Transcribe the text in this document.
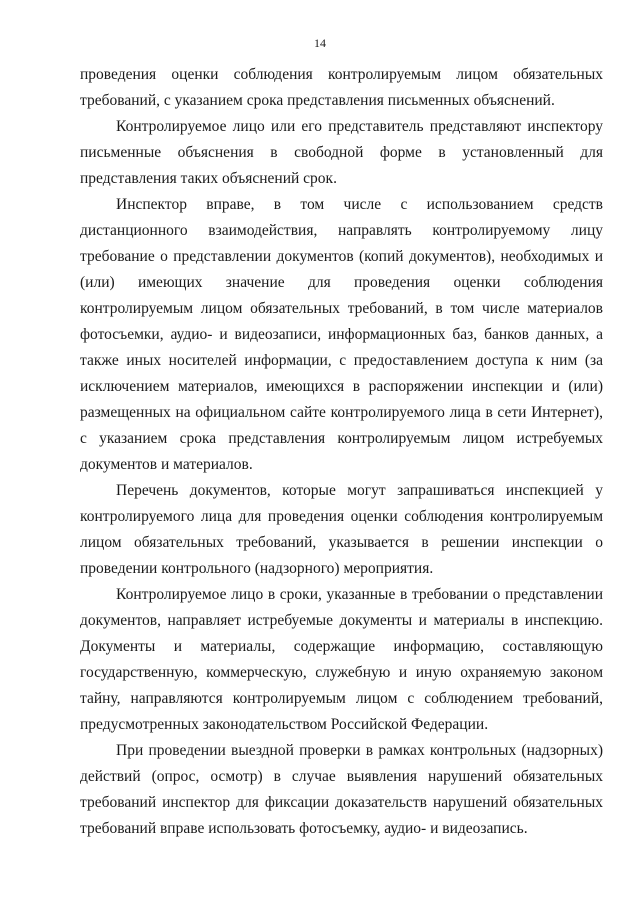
14

проведения оценки соблюдения контролируемым лицом обязательных требований, с указанием срока представления письменных объяснений.

Контролируемое лицо или его представитель представляют инспектору письменные объяснения в свободной форме в установленный для представления таких объяснений срок.

Инспектор вправе, в том числе с использованием средств дистанционного взаимодействия, направлять контролируемому лицу требование о представлении документов (копий документов), необходимых и (или) имеющих значение для проведения оценки соблюдения контролируемым лицом обязательных требований, в том числе материалов фотосъемки, аудио- и видеозаписи, информационных баз, банков данных, а также иных носителей информации, с предоставлением доступа к ним (за исключением материалов, имеющихся в распоряжении инспекции и (или) размещенных на официальном сайте контролируемого лица в сети Интернет), с указанием срока представления контролируемым лицом истребуемых документов и материалов.

Перечень документов, которые могут запрашиваться инспекцией у контролируемого лица для проведения оценки соблюдения контролируемым лицом обязательных требований, указывается в решении инспекции о проведении контрольного (надзорного) мероприятия.

Контролируемое лицо в сроки, указанные в требовании о представлении документов, направляет истребуемые документы и материалы в инспекцию. Документы и материалы, содержащие информацию, составляющую государственную, коммерческую, служебную и иную охраняемую законом тайну, направляются контролируемым лицом с соблюдением требований, предусмотренных законодательством Российской Федерации.

При проведении выездной проверки в рамках контрольных (надзорных) действий (опрос, осмотр) в случае выявления нарушений обязательных требований инспектор для фиксации доказательств нарушений обязательных требований вправе использовать фотосъемку, аудио- и видеозапись.
